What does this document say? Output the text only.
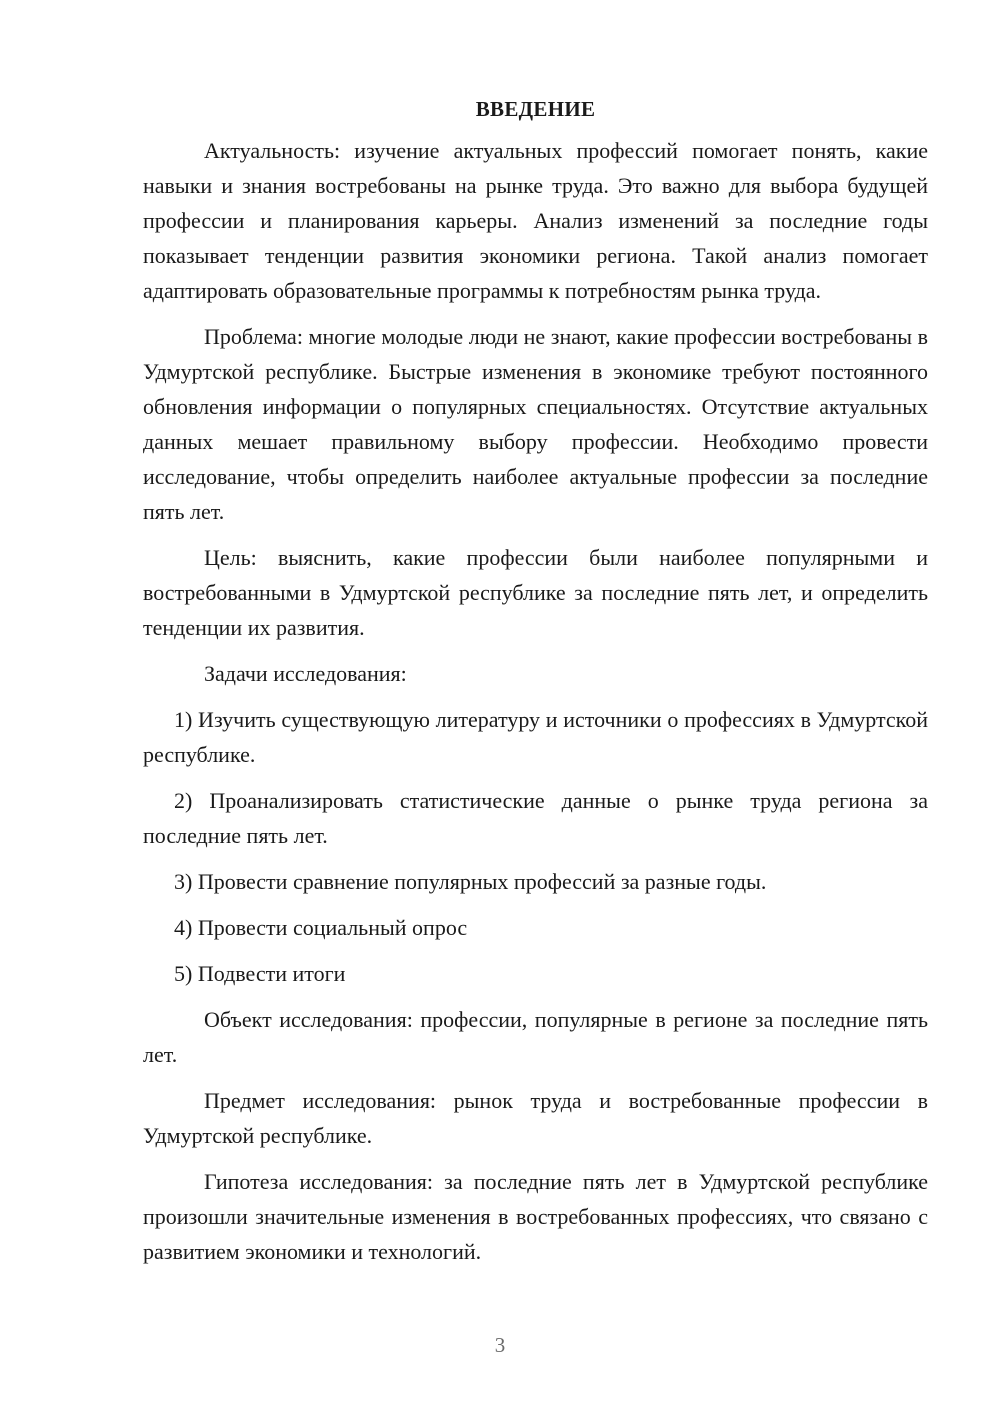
ВВЕДЕНИЕ

Актуальность: изучение актуальных профессий помогает понять, какие навыки и знания востребованы на рынке труда. Это важно для выбора будущей профессии и планирования карьеры. Анализ изменений за последние годы показывает тенденции развития экономики региона. Такой анализ помогает адаптировать образовательные программы к потребностям рынка труда.

Проблема: многие молодые люди не знают, какие профессии востребованы в Удмуртской республике. Быстрые изменения в экономике требуют постоянного обновления информации о популярных специальностях. Отсутствие актуальных данных мешает правильному выбору профессии. Необходимо провести исследование, чтобы определить наиболее актуальные профессии за последние пять лет.

Цель: выяснить, какие профессии были наиболее популярными и востребованными в Удмуртской республике за последние пять лет, и определить тенденции их развития.

Задачи исследования:

1) Изучить существующую литературу и источники о профессиях в Удмуртской республике.

2) Проанализировать статистические данные о рынке труда региона за последние пять лет.

3) Провести сравнение популярных профессий за разные годы.

4) Провести социальный опрос

5) Подвести итоги

Объект исследования: профессии, популярные в регионе за последние пять лет.

Предмет исследования: рынок труда и востребованные профессии в Удмуртской республике.

Гипотеза исследования: за последние пять лет в Удмуртской республике произошли значительные изменения в востребованных профессиях, что связано с развитием экономики и технологий.

3
